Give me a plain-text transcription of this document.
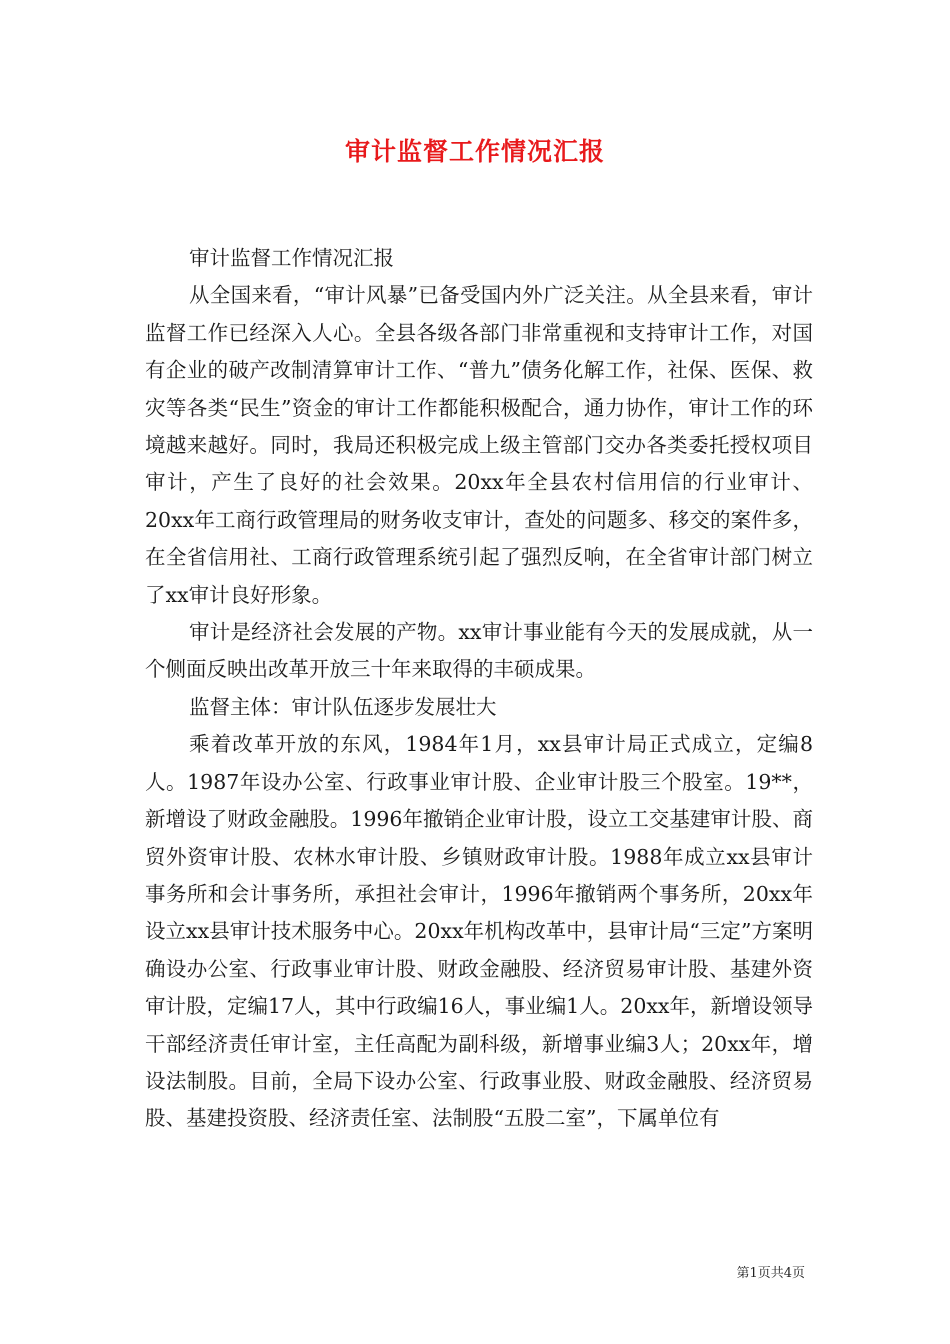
审计监督工作情况汇报

审计监督工作情况汇报

从全国来看，“审计风暴”已备受国内外广泛关注。从全县来看，审计监督工作已经深入人心。全县各级各部门非常重视和支持审计工作，对国有企业的破产改制清算审计工作、“普九”债务化解工作，社保、医保、救灾等各类“民生”资金的审计工作都能积极配合，通力协作，审计工作的环境越来越好。同时，我局还积极完成上级主管部门交办各类委托授权项目审计，产生了良好的社会效果。20xx年全县农村信用信的行业审计、20xx年工商行政管理局的财务收支审计，查处的问题多、移交的案件多，在全省信用社、工商行政管理系统引起了强烈反响，在全省审计部门树立了xx审计良好形象。

审计是经济社会发展的产物。xx审计事业能有今天的发展成就，从一个侧面反映出改革开放三十年来取得的丰硕成果。

监督主体：审计队伍逐步发展壮大

乘着改革开放的东风，1984年1月，xx县审计局正式成立，定编8人。1987年设办公室、行政事业审计股、企业审计股三个股室。19**，新增设了财政金融股。1996年撤销企业审计股，设立工交基建审计股、商贸外资审计股、农林水审计股、乡镇财政审计股。1988年成立xx县审计事务所和会计事务所，承担社会审计，1996年撤销两个事务所，20xx年设立xx县审计技术服务中心。20xx年机构改革中，县审计局“三定”方案明确设办公室、行政事业审计股、财政金融股、经济贸易审计股、基建外资审计股，定编17人，其中行政编16人，事业编1人。20xx年，新增设领导干部经济责任审计室，主任高配为副科级，新增事业编3人；20xx年，增设法制股。目前，全局下设办公室、行政事业股、财政金融股、经济贸易股、基建投资股、经济责任室、法制股“五股二室”，下属单位有

第1页共4页
